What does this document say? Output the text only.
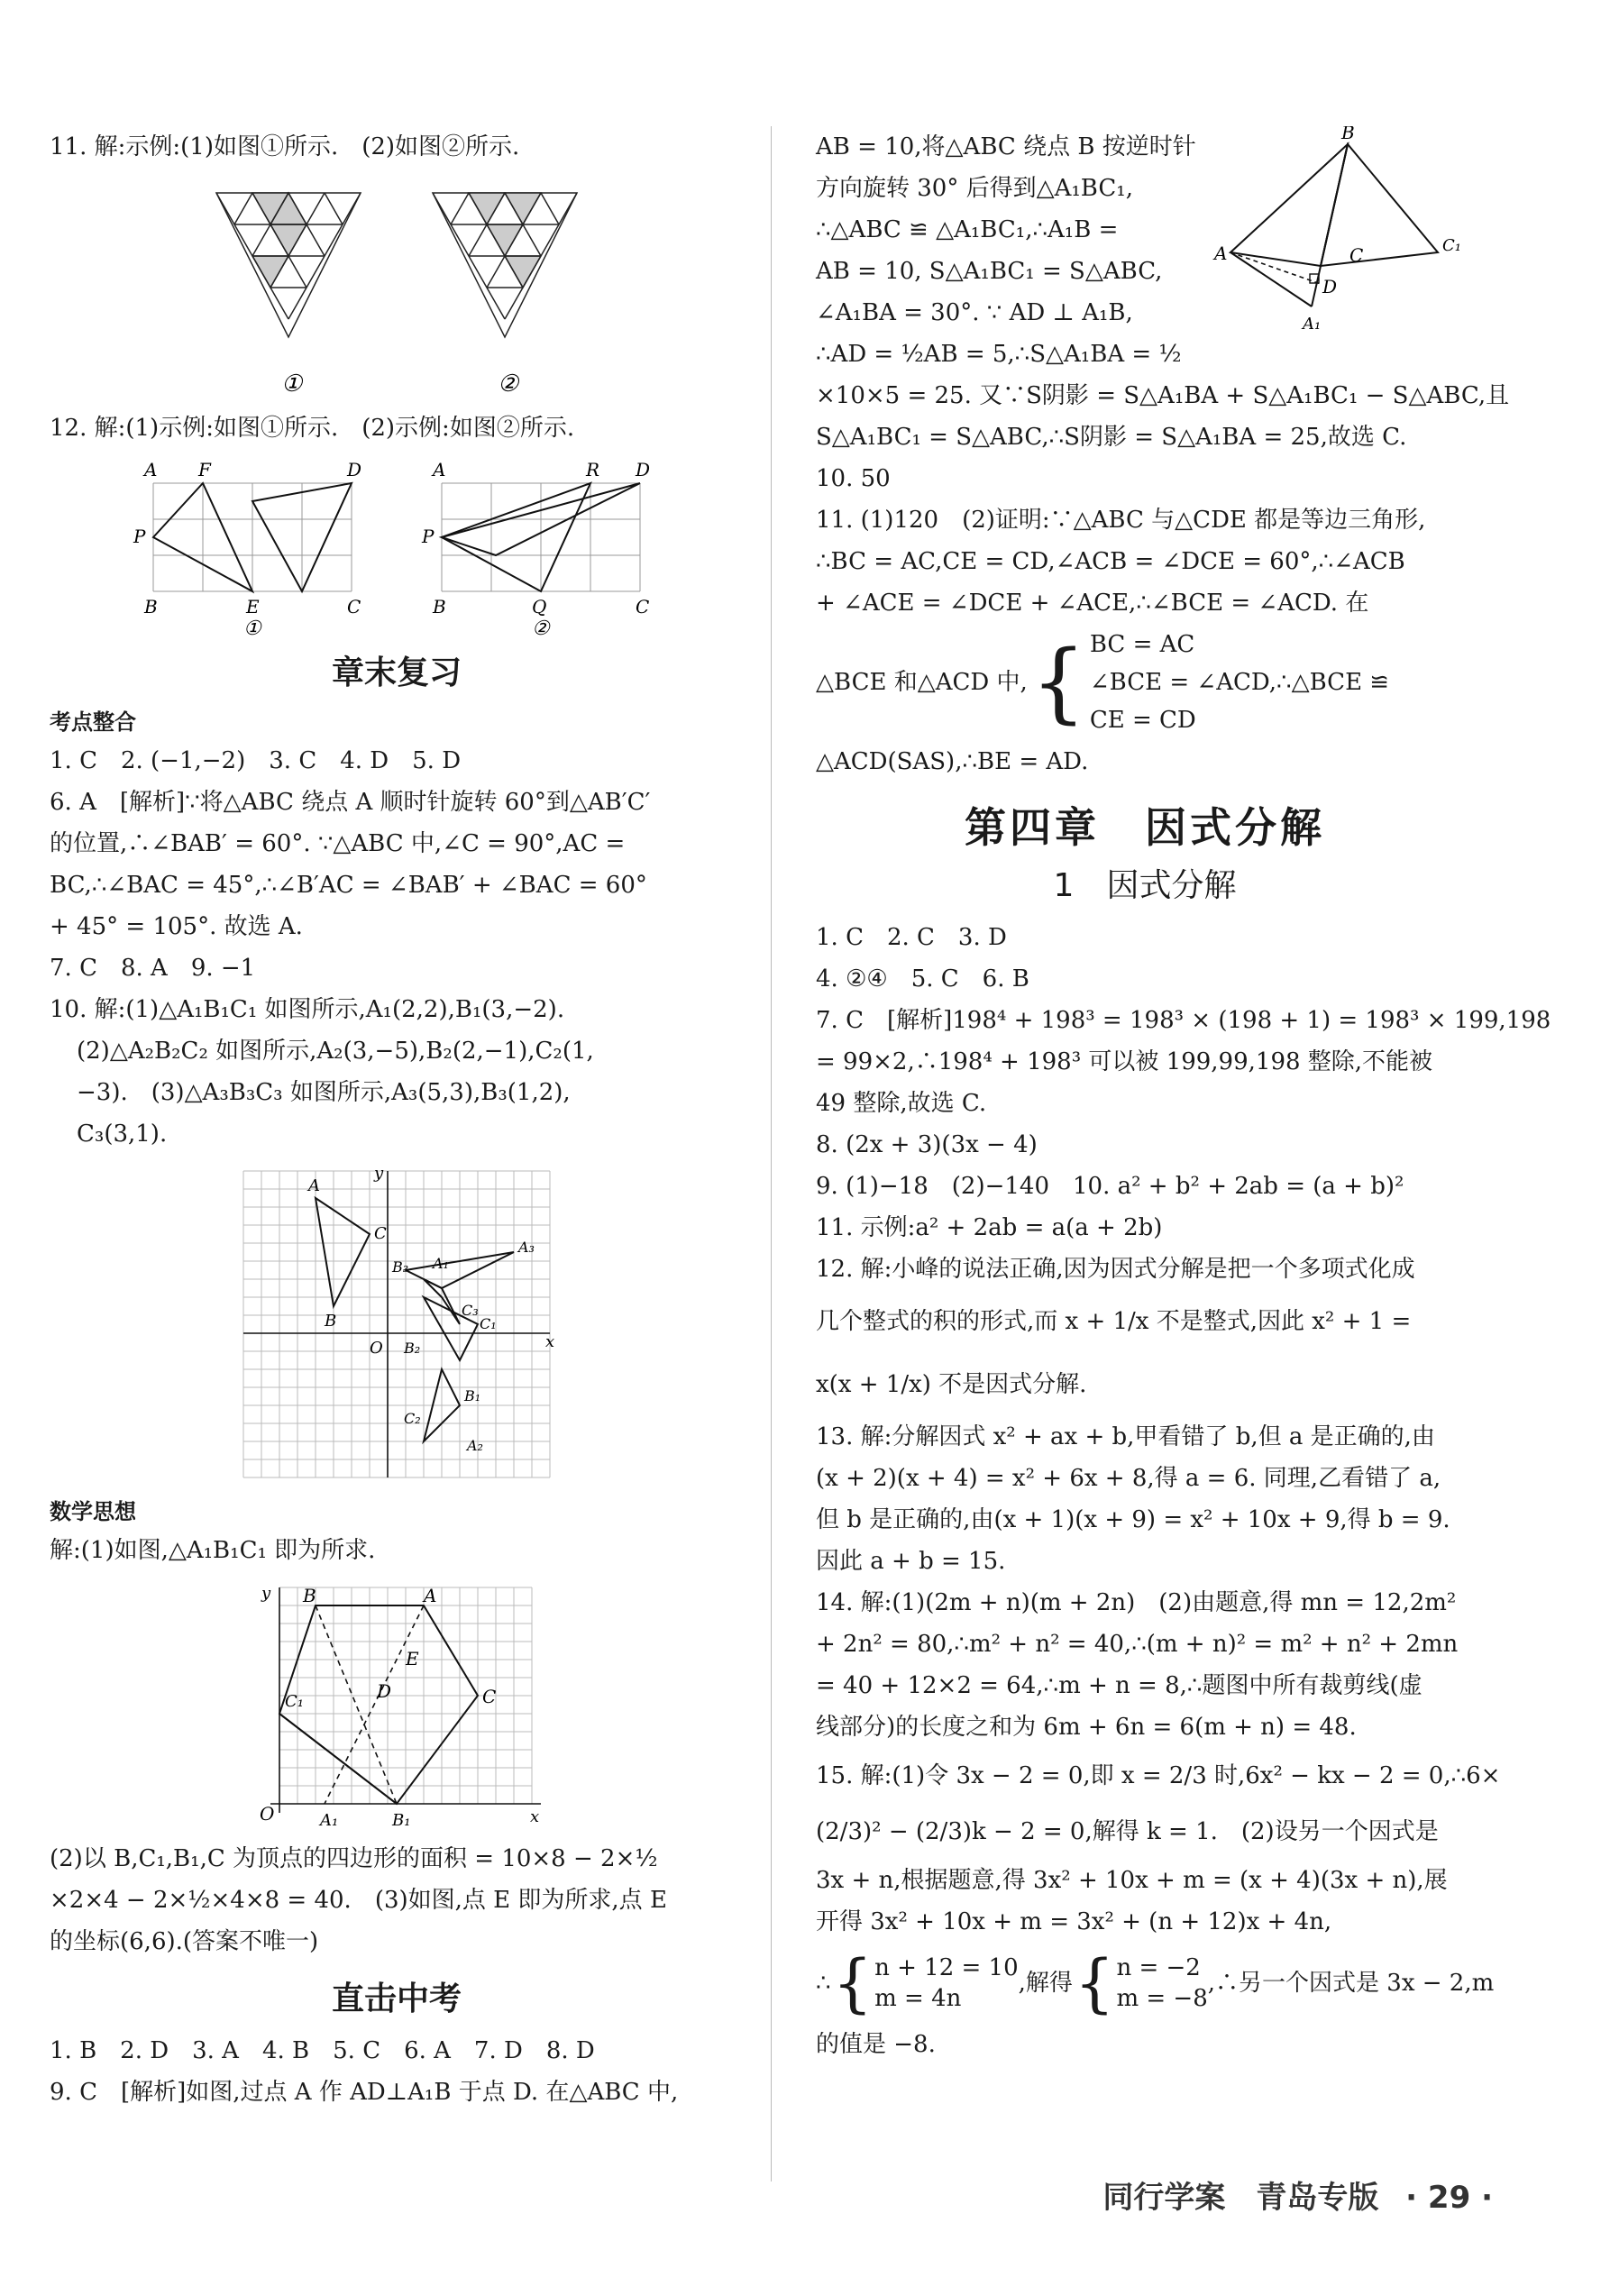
11. 解:示例:(1)如图①所示.　(2)如图②所示.
①	②
12. 解:(1)示例:如图①所示.　(2)示例:如图②所示.
A F	D
P
B	E	C
①
A	R D
P
B	Q	C
②
章末复习
考点整合
1. C　2. (−1,−2)　3. C　4. D　5. D
6. A　[解析]∵将△ABC 绕点 A 顺时针旋转 60°到△AB′C′
的位置,∴∠BAB′ = 60°. ∵△ABC 中,∠C = 90°,AC =
BC,∴∠BAC = 45°,∴∠B′AC = ∠BAB′ + ∠BAC = 60°
+ 45° = 105°. 故选 A.
7. C　8. A　9. −1
10. 解:(1)△A₁B₁C₁ 如图所示,A₁(2,2),B₁(3,−2).
(2)△A₂B₂C₂ 如图所示,A₂(3,−5),B₂(2,−1),C₂(1,
−3).　(3)△A₃B₃C₃ 如图所示,A₃(5,3),B₃(1,2),
C₃(3,1).
A
C
B
B₃ A₁
A₃
C₃
C₁
O B₂
B₁
C₂
A₂
x
y
数学思想
解:(1)如图,△A₁B₁C₁ 即为所求.
y B	A
E
D
C₁	C
O	A₁	B₁	x
(2)以 B,C₁,B₁,C 为顶点的四边形的面积 = 10×8 − 2×½
×2×4 − 2×½×4×8 = 40.　(3)如图,点 E 即为所求,点 E
的坐标(6,6).(答案不唯一)
直击中考
1. B　2. D　3. A　4. B　5. C　6. A　7. D　8. D
9. C　[解析]如图,过点 A 作 AD⊥A₁B 于点 D. 在△ABC 中,
AB = 10,将△ABC 绕点 B 按逆时针
方向旋转 30° 后得到△A₁BC₁,
∴△ABC ≌ △A₁BC₁,∴A₁B =
AB = 10, S△A₁BC₁ = S△ABC,
∠A₁BA = 30°. ∵ AD ⊥ A₁B,
∴AD = ½AB = 5,∴S△A₁BA = ½
B
A	C	C₁
D
A₁
×10×5 = 25. 又∵S阴影 = S△A₁BA + S△A₁BC₁ − S△ABC,且
S△A₁BC₁ = S△ABC,∴S阴影 = S△A₁BA = 25,故选 C.
10. 50
11. (1)120　(2)证明:∵△ABC 与△CDE 都是等边三角形,
∴BC = AC,CE = CD,∠ACB = ∠DCE = 60°,∴∠ACB
+ ∠ACE = ∠DCE + ∠ACE,∴∠BCE = ∠ACD. 在
△BCE 和△ACD 中, { BC = AC
∠BCE = ∠ACD,∴△BCE ≌
CE = CD
△ACD(SAS),∴BE = AD.
第四章　因式分解
1　因式分解
1. C　2. C　3. D
4. ②④　5. C　6. B
7. C　[解析]198⁴ + 198³ = 198³ × (198 + 1) = 198³ × 199,198
= 99×2,∴198⁴ + 198³ 可以被 199,99,198 整除,不能被
49 整除,故选 C.
8. (2x + 3)(3x − 4)
9. (1)−18　(2)−140　10. a² + b² + 2ab = (a + b)²
11. 示例:a² + 2ab = a(a + 2b)
12. 解:小峰的说法正确,因为因式分解是把一个多项式化成
几个整式的积的形式,而 x + 1/x 不是整式,因此 x² + 1 =
x(x + 1/x) 不是因式分解.
13. 解:分解因式 x² + ax + b,甲看错了 b,但 a 是正确的,由
(x + 2)(x + 4) = x² + 6x + 8,得 a = 6. 同理,乙看错了 a,
但 b 是正确的,由(x + 1)(x + 9) = x² + 10x + 9,得 b = 9.
因此 a + b = 15.
14. 解:(1)(2m + n)(m + 2n)　(2)由题意,得 mn = 12,2m²
+ 2n² = 80,∴m² + n² = 40,∴(m + n)² = m² + n² + 2mn
= 40 + 12×2 = 64,∴m + n = 8,∴题图中所有裁剪线(虚
线部分)的长度之和为 6m + 6n = 6(m + n) = 48.
15. 解:(1)令 3x − 2 = 0,即 x = 2/3 时,6x² − kx − 2 = 0,∴6×
(2/3)² − (2/3)k − 2 = 0,解得 k = 1.　(2)设另一个因式是
3x + n,根据题意,得 3x² + 10x + m = (x + 4)(3x + n),展
开得 3x² + 10x + m = 3x² + (n + 12)x + 4n,
∴ { n + 12 = 10
m = 4n
,解得 { n = −2
m = −8
,∴另一个因式是 3x − 2,m
的值是 −8.
同行学案　青岛专版 · 29 ·
